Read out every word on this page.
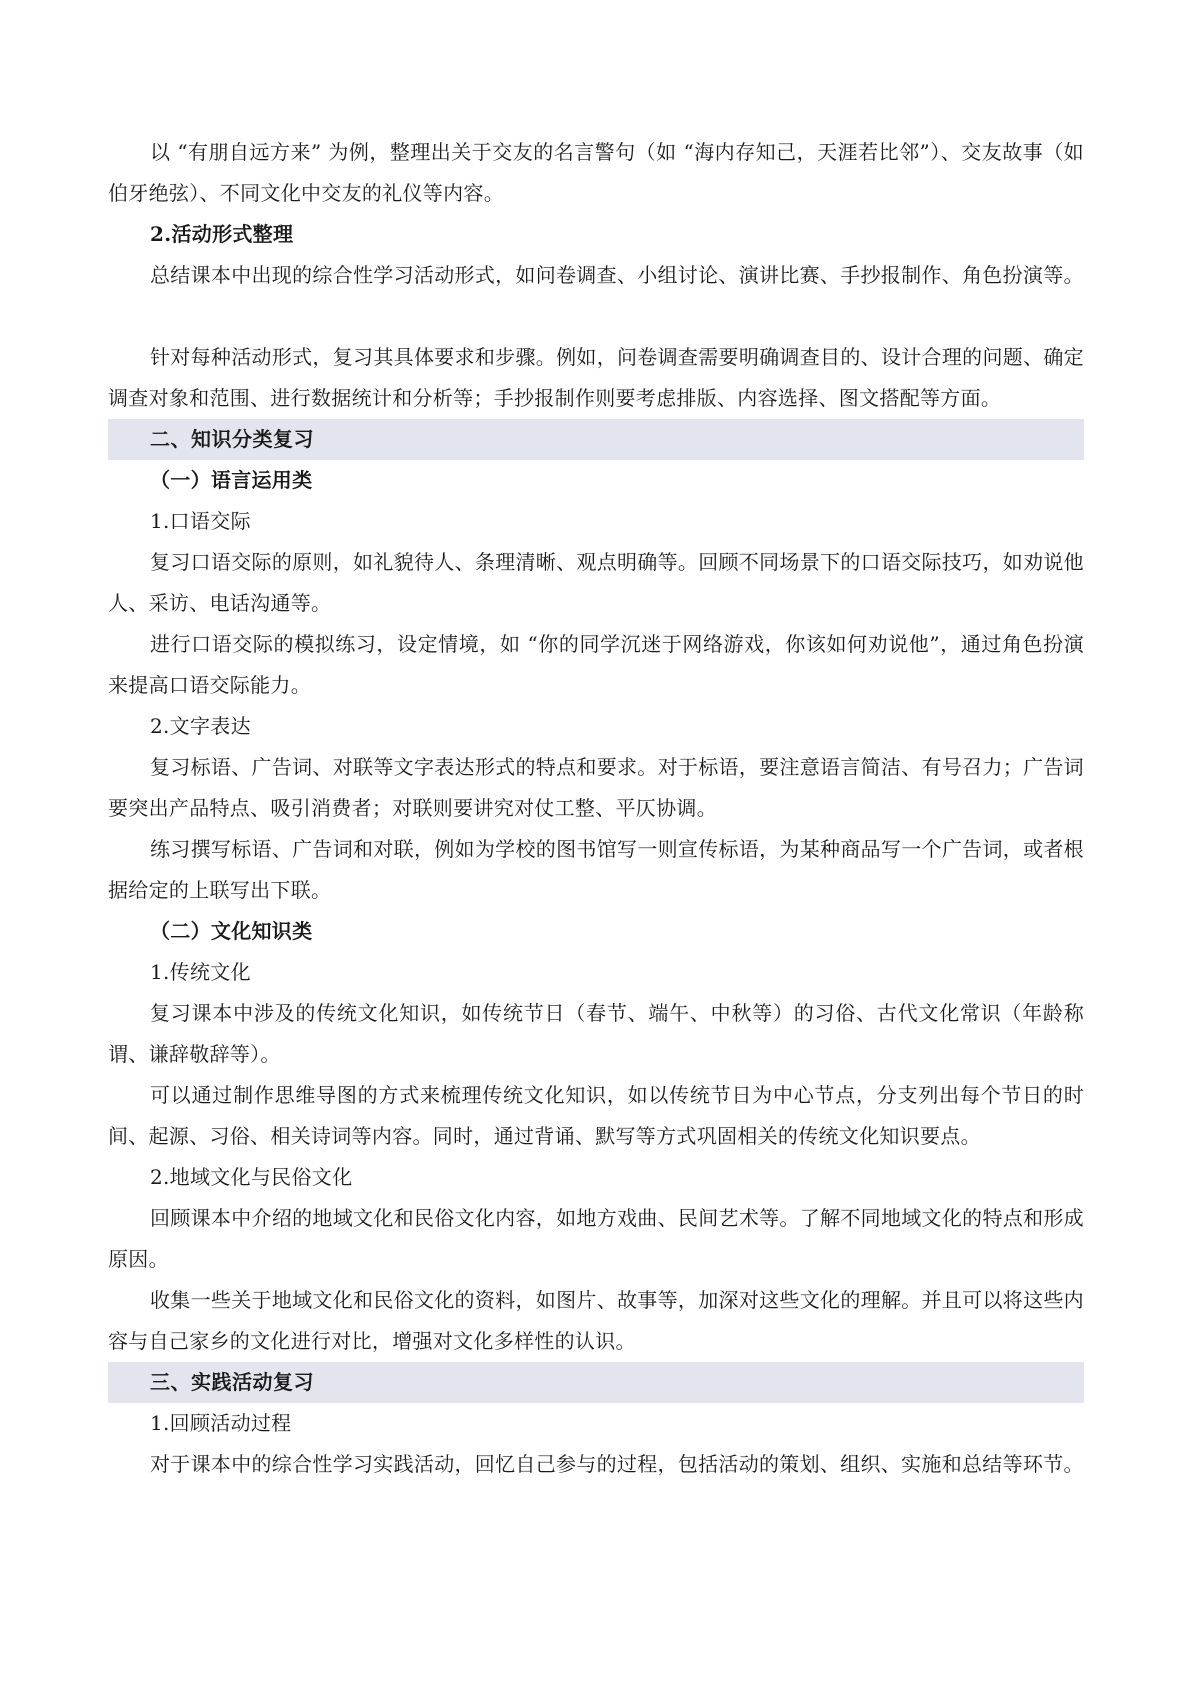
以 “有朋自远方来” 为例，整理出关于交友的名言警句（如 “海内存知己，天涯若比邻”）、交友故事（如伯牙绝弦）、不同文化中交友的礼仪等内容。
2.活动形式整理
总结课本中出现的综合性学习活动形式，如问卷调查、小组讨论、演讲比赛、手抄报制作、角色扮演等。
针对每种活动形式，复习其具体要求和步骤。例如，问卷调查需要明确调查目的、设计合理的问题、确定调查对象和范围、进行数据统计和分析等；手抄报制作则要考虑排版、内容选择、图文搭配等方面。
二、知识分类复习
（一）语言运用类
1.口语交际
复习口语交际的原则，如礼貌待人、条理清晰、观点明确等。回顾不同场景下的口语交际技巧，如劝说他人、采访、电话沟通等。
进行口语交际的模拟练习，设定情境，如 “你的同学沉迷于网络游戏，你该如何劝说他”，通过角色扮演来提高口语交际能力。
2.文字表达
复习标语、广告词、对联等文字表达形式的特点和要求。对于标语，要注意语言简洁、有号召力；广告词要突出产品特点、吸引消费者；对联则要讲究对仗工整、平仄协调。
练习撰写标语、广告词和对联，例如为学校的图书馆写一则宣传标语，为某种商品写一个广告词，或者根据给定的上联写出下联。
（二）文化知识类
1.传统文化
复习课本中涉及的传统文化知识，如传统节日（春节、端午、中秋等）的习俗、古代文化常识（年龄称谓、谦辞敬辞等）。
可以通过制作思维导图的方式来梳理传统文化知识，如以传统节日为中心节点，分支列出每个节日的时间、起源、习俗、相关诗词等内容。同时，通过背诵、默写等方式巩固相关的传统文化知识要点。
2.地域文化与民俗文化
回顾课本中介绍的地域文化和民俗文化内容，如地方戏曲、民间艺术等。了解不同地域文化的特点和形成原因。
收集一些关于地域文化和民俗文化的资料，如图片、故事等，加深对这些文化的理解。并且可以将这些内容与自己家乡的文化进行对比，增强对文化多样性的认识。
三、实践活动复习
1.回顾活动过程
对于课本中的综合性学习实践活动，回忆自己参与的过程，包括活动的策划、组织、实施和总结等环节。
